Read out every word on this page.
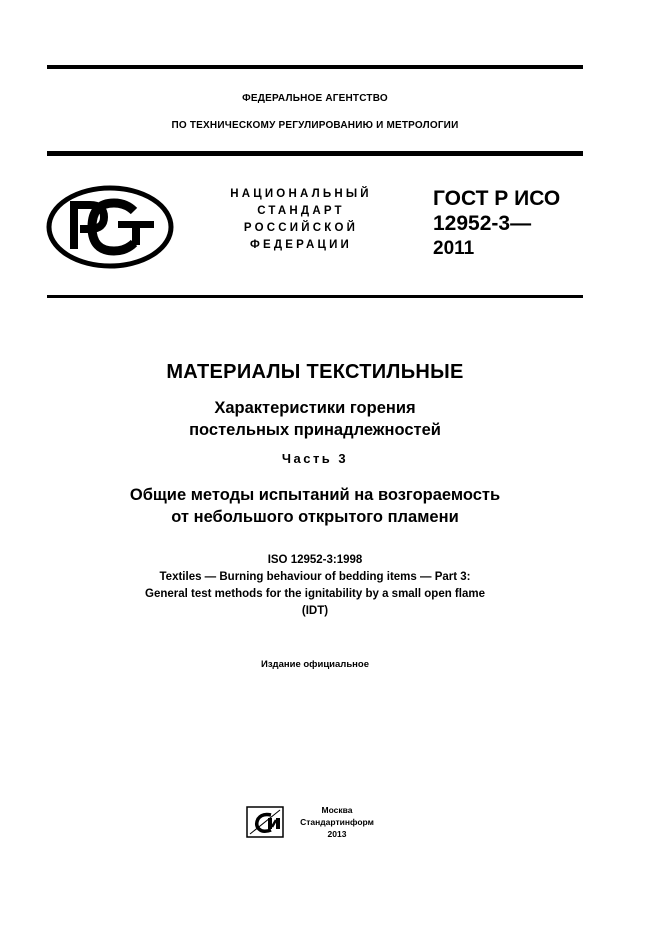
ФЕДЕРАЛЬНОЕ АГЕНТСТВО
ПО ТЕХНИЧЕСКОМУ РЕГУЛИРОВАНИЮ И МЕТРОЛОГИИ
НАЦИОНАЛЬНЫЙ
СТАНДАРТ
РОССИЙСКОЙ
ФЕДЕРАЦИИ
ГОСТ Р ИСО
12952-3—
2011
МАТЕРИАЛЫ ТЕКСТИЛЬНЫЕ
Характеристики горения
постельных принадлежностей
Часть 3
Общие методы испытаний на возгораемость
от небольшого открытого пламени
ISO 12952-3:1998
Textiles — Burning behaviour of bedding items — Part 3:
General test methods for the ignitability by a small open flame
(IDT)
Издание официальное
Москва
Стандартинформ
2013
